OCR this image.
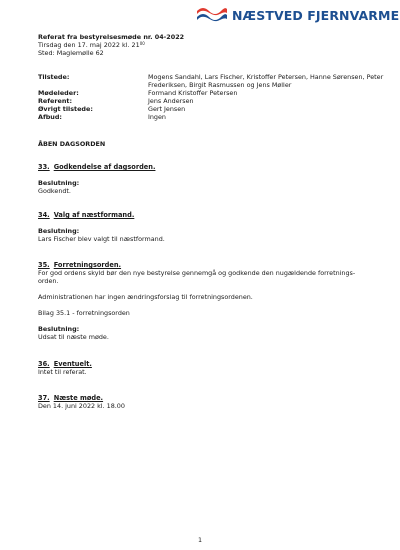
NÆSTVED FJERNVARME
Referat fra bestyrelsesmøde nr. 04-2022
Tirsdag den 17. maj 2022 kl. $21^{00}$
Sted: Maglemølle 62
Tilstede:	Mogens Sandahl, Lars Fischer, Kristoffer Petersen, Hanne Sørensen, Peter Frederiksen, Birgit Rasmussen og Jens Møller
Mødeleder:	Formand Kristoffer Petersen
Referent:	Jens Andersen
Øvrigt tilstede:	Gert Jensen
Afbud:	Ingen
ÅBEN DAGSORDEN
33. Godkendelse af dagsorden.
Beslutning:
Godkendt.
34. Valg af næstformand.
Beslutning:
Lars Fischer blev valgt til næstformand.
35. Forretningsorden.
For god ordens skyld bør den nye bestyrelse gennemgå og godkende den nugældende forretnings-orden.
Administrationen har ingen ændringsforslag til forretningsordenen.
Bilag 35.1 - forretningsorden
Beslutning:
Udsat til næste møde.
36. Eventuelt.
Intet til referat.
37. Næste møde.
Den 14. juni 2022 kl. 18.00
1
